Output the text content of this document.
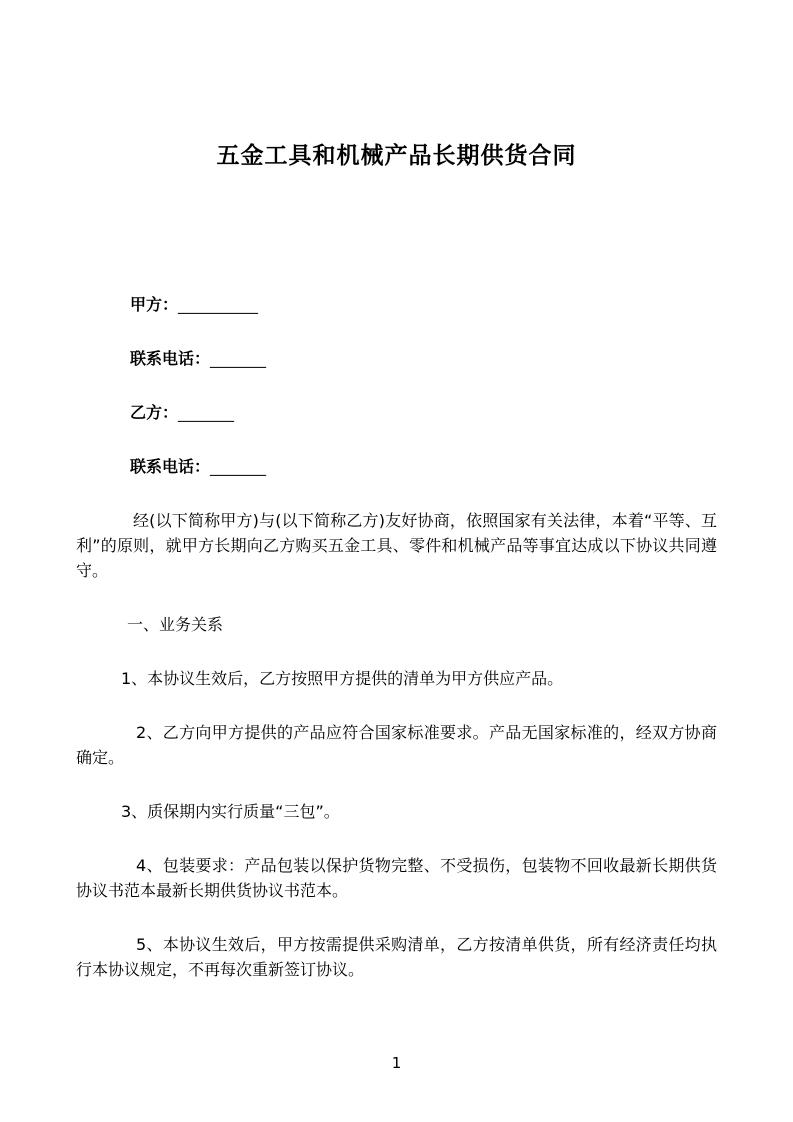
五金工具和机械产品长期供货合同

甲方：__________

联系电话：_______

乙方：_______

联系电话：_______

经(以下简称甲方)与(以下简称乙方)友好协商，依照国家有关法律，本着“平等、互利”的原则，就甲方长期向乙方购买五金工具、零件和机械产品等事宜达成以下协议共同遵守。

一、业务关系

1、本协议生效后，乙方按照甲方提供的清单为甲方供应产品。

2、乙方向甲方提供的产品应符合国家标准要求。产品无国家标准的，经双方协商确定。

3、质保期内实行质量“三包”。

4、包装要求：产品包装以保护货物完整、不受损伤，包装物不回收最新长期供货协议书范本最新长期供货协议书范本。

5、本协议生效后，甲方按需提供采购清单，乙方按清单供货，所有经济责任均执行本协议规定，不再每次重新签订协议。

1
